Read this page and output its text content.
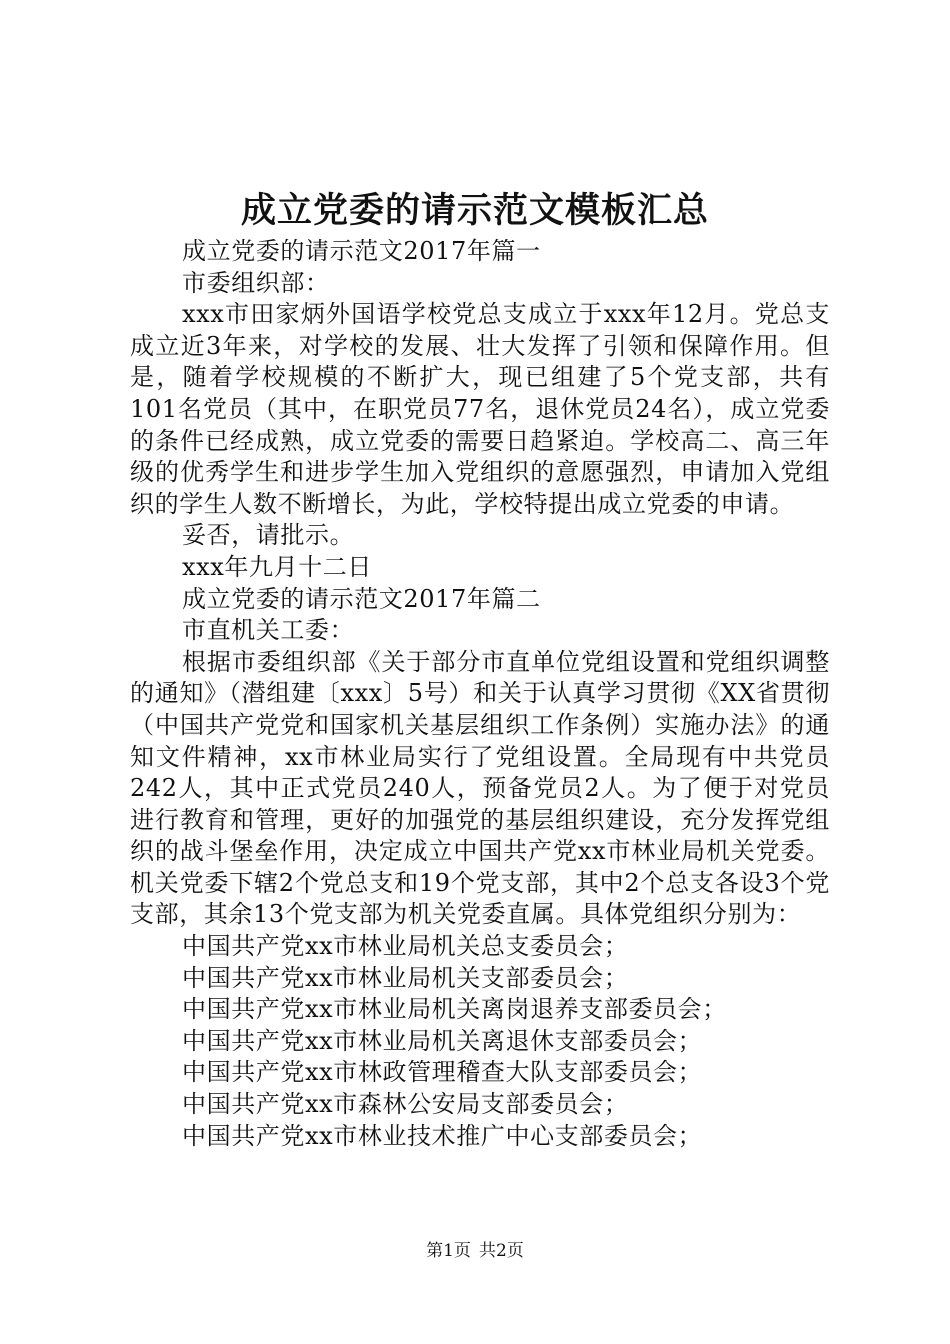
成立党委的请示范文模板汇总

成立党委的请示范文2017年篇一

市委组织部：

xxx市田家炳外国语学校党总支成立于xxx年12月。党总支成立近3年来，对学校的发展、壮大发挥了引领和保障作用。但是，随着学校规模的不断扩大，现已组建了5个党支部，共有101名党员（其中，在职党员77名，退休党员24名），成立党委的条件已经成熟，成立党委的需要日趋紧迫。学校高二、高三年级的优秀学生和进步学生加入党组织的意愿强烈，申请加入党组织的学生人数不断增长，为此，学校特提出成立党委的申请。

妥否，请批示。

xxx年九月十二日

成立党委的请示范文2017年篇二

市直机关工委：

根据市委组织部《关于部分市直单位党组设置和党组织调整的通知》（潜组建〔xxx〕5号）和关于认真学习贯彻《XX省贯彻（中国共产党党和国家机关基层组织工作条例）实施办法》的通知文件精神，xx市林业局实行了党组设置。全局现有中共党员242人，其中正式党员240人，预备党员2人。为了便于对党员进行教育和管理，更好的加强党的基层组织建设，充分发挥党组织的战斗堡垒作用，决定成立中国共产党xx市林业局机关党委。机关党委下辖2个党总支和19个党支部，其中2个总支各设3个党支部，其余13个党支部为机关党委直属。具体党组织分别为：

中国共产党xx市林业局机关总支委员会；

中国共产党xx市林业局机关支部委员会；

中国共产党xx市林业局机关离岗退养支部委员会；

中国共产党xx市林业局机关离退休支部委员会；

中国共产党xx市林政管理稽查大队支部委员会；

中国共产党xx市森林公安局支部委员会；

中国共产党xx市林业技术推广中心支部委员会；

第1页 共2页
